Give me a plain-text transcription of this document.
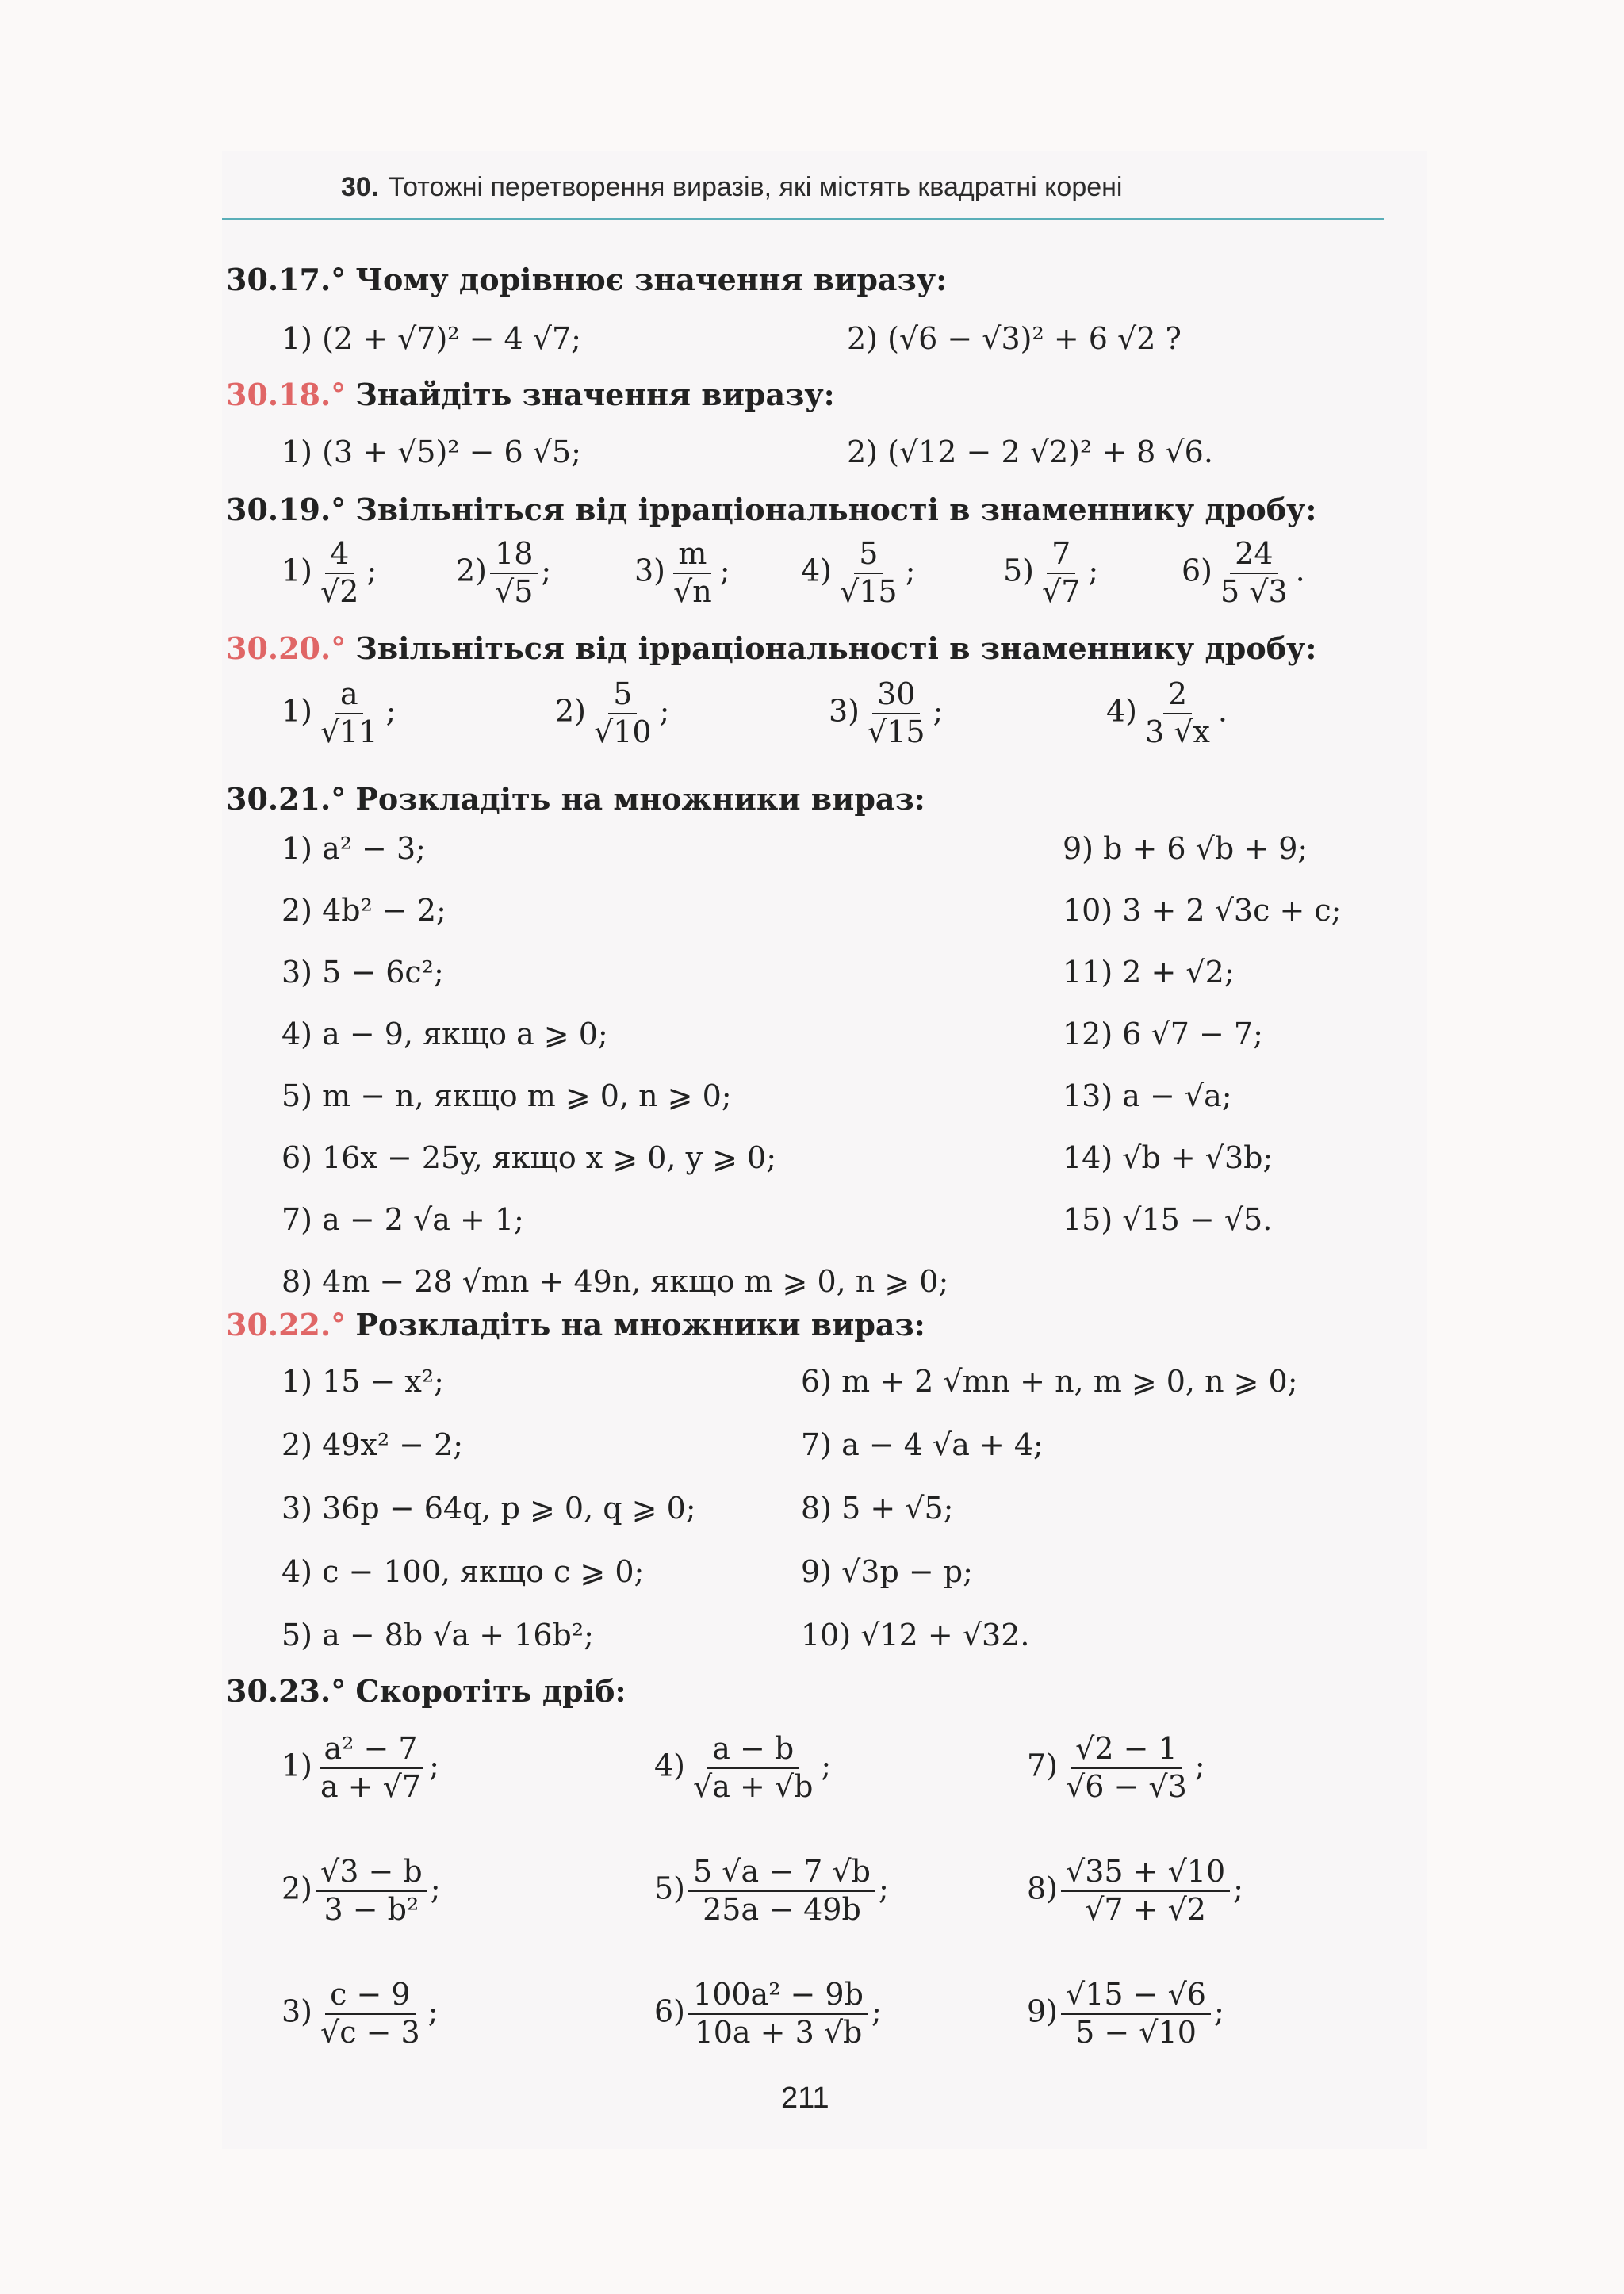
30. Тотожні перетворення виразів, які містять квадратні корені
30.17.° Чому дорівнює значення виразу:
1) (2 + √7)² − 4 √7;	2) (√6 − √3)² + 6 √2 ?
30.18.° Знайдіть значення виразу:
1) (3 + √5)² − 6 √5;	2) (√12 − 2 √2)² + 8 √6.
30.19.° Звільніться від ірраціональності в знаменнику дробу:
$1) \frac{4}{√2}$ ;	$2) \frac{18}{√5}$ ;	$3) \frac{m}{√n}$ ; $4) \frac{5}{√15}$ ;	$5) \frac{7}{√7}$ ;	$6) \frac{24}{5 √3}$ .
30.20.° Звільніться від ірраціональності в знаменнику дробу:
$1) \frac{a}{√11}$ ;	$2) \frac{5}{√10}$ ;	$3) \frac{30}{√15}$ ;	$4) \frac{2}{3 √x}$ .
30.21.° Розкладіть на множники вираз:
1) a² − 3;
2) 4b² − 2;
3) 5 − 6c²;
4) a − 9, якщо a ⩾ 0;
5) m − n, якщо m ⩾ 0, n ⩾ 0;
6) 16x − 25y, якщо x ⩾ 0, y ⩾ 0;
7) a − 2 √a + 1;
8) 4m − 28 √mn + 49n, якщо m ⩾ 0, n ⩾ 0;
9) b + 6 √b + 9;
10) 3 + 2 √3c + c;
11) 2 + √2;
12) 6 √7 − 7;
13) a − √a;
14) √b + √3b;
15) √15 − √5.
30.22.° Розкладіть на множники вираз:
1) 15 − x²;
2) 49x² − 2;
3) 36p − 64q, p ⩾ 0, q ⩾ 0;
4) c − 100, якщо c ⩾ 0;
5) a − 8b √a + 16b²;
6) m + 2 √mn + n, m ⩾ 0, n ⩾ 0;
7) a − 4 √a + 4;
8) 5 + √5;
9) √3p − p;
10) √12 + √32.
30.23.° Скоротіть дріб:
$1) \frac{\text{a² − 7}}{a + √7}$ ;	$4) \frac{a - b}{√a + √b}$ ;	$7) \frac{√2 - 1}{√6 - √3}$ ;
$2) \frac{√3 - b}{\text{3 − b²}}$ ;	$5) \frac{5 √a - 7 √b}{25a - 49b}$ ;	$8) \frac{√35 + √10}{√7 + √2}$ ;
$3) \frac{c - 9}{√c - 3}$ ;	$6) \frac{\text{100a² − 9b}}{10a + 3 √b}$ ;	$9) \frac{√15 - √6}{5 - √10}$ ;
211
